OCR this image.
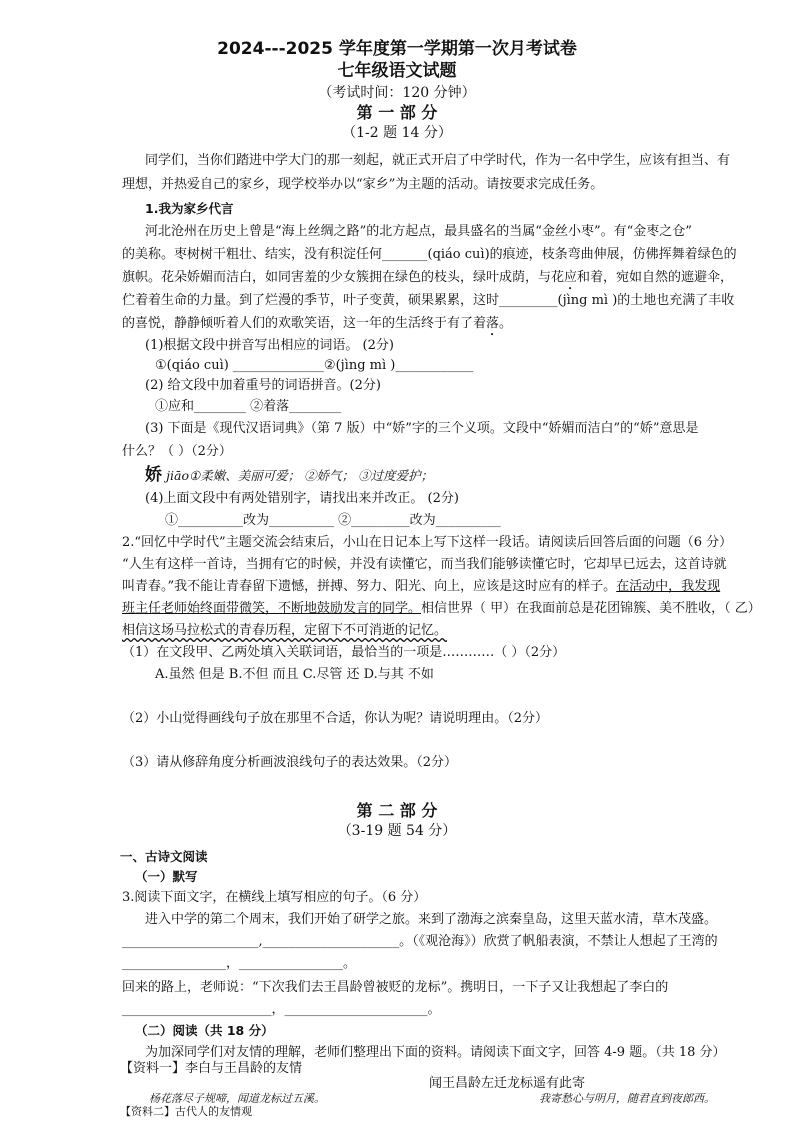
2024---2025 学年度第一学期第一次月考试卷
七年级语文试题
（考试时间：120 分钟）
第 一 部 分
（1-2 题 14 分）
同学们，当你们踏进中学大门的那一刻起，就正式开启了中学时代，作为一名中学生，应该有担当、有
理想，并热爱自己的家乡，现学校举办以“家乡”为主题的活动。请按要求完成任务。
1.我为家乡代言
河北沧州在历史上曾是“海上丝绸之路”的北方起点，最具盛名的当属“金丝小枣”。有“金枣之仓”
的美称。枣树树干粗壮、结实，没有积淀任何_______(qiáo cuì)的痕迹，枝条弯曲伸展，仿佛挥舞着绿色的
旗帜。花朵娇媚而洁白，如同害羞的少女簇拥在绿色的枝头，绿叶成荫，与花应和着，宛如自然的遮避伞，
伫着着生命的力量。到了烂漫的季节，叶子变黄，硕果累累，这时_________(jìng mì )的土地也充满了丰收
的喜悦，静静倾听着人们的欢歌笑语，这一年的生活终于有了着落。
(1)根据文段中拼音写出相应的词语。 (2分)
①(qiáo cuì) ______________②(jìng mì )____________
(2) 给文段中加着重号的词语拼音。(2分)
①应和________ ②着落________
(3) 下面是《现代汉语词典》（第 7 版）中“娇”字的三个义项。文段中“娇媚而洁白”的“娇”意思是
什么？（ ）（2分）
娇 jiāo①柔嫩、美丽可爱； ②娇气； ③过度爱护；
(4)上面文段中有两处错别字，请找出来并改正。 (2分)
①__________改为__________ ②_________改为__________
2.“回忆中学时代”主题交流会结束后，小山在日记本上写下这样一段话。请阅读后回答后面的问题（6 分）
“人生有这样一首诗，当拥有它的时候，并没有读懂它，而当我们能够读懂它时，它却早已远去，这首诗就
叫青春。”我不能让青春留下遗憾，拼搏、努力、阳光、向上，应该是这时应有的样子。在活动中，我发现
班主任老师始终面带微笑，不断地鼓励发言的同学。相信世界（ 甲）在我面前总是花团锦簇、美不胜收，（ 乙）
相信这场马拉松式的青春历程，定留下不可消逝的记忆。
（1）在文段甲、乙两处填入关联词语，最恰当的一项是…………（ ）（2分）
A.虽然 但是 B.不但 而且 C.尽管 还 D.与其 不如
（2）小山觉得画线句子放在那里不合适，你认为呢？请说明理由。（2分）
（3）请从修辞角度分析画波浪线句子的表达效果。（2分）
第 二 部 分
（3-19 题 54 分）
一、古诗文阅读
（一）默写
3.阅读下面文字，在横线上填写相应的句子。（6 分）
进入中学的第二个周末，我们开始了研学之旅。来到了渤海之滨秦皇岛，这里天蓝水清，草木茂盛。
_____________________,_____________________。（《观沧海》）欣赏了帆船表演，不禁让人想起了王湾的
________________，________________。
回来的路上，老师说：“下次我们去王昌龄曾被贬的龙标”。携明日，一下子又让我想起了李白的
_______________________，______________________。
（二）阅读（共 18 分）
为加深同学们对友情的理解，老师们整理出下面的资料。请阅读下面文字，回答 4-9 题。（共 18 分）
【资料一】李白与王昌龄的友情
闻王昌龄左迁龙标遥有此寄
杨花落尽子规啼，闻道龙标过五溪。	我寄愁心与明月，随君直到夜郎西。
【资料二】古代人的友情观
